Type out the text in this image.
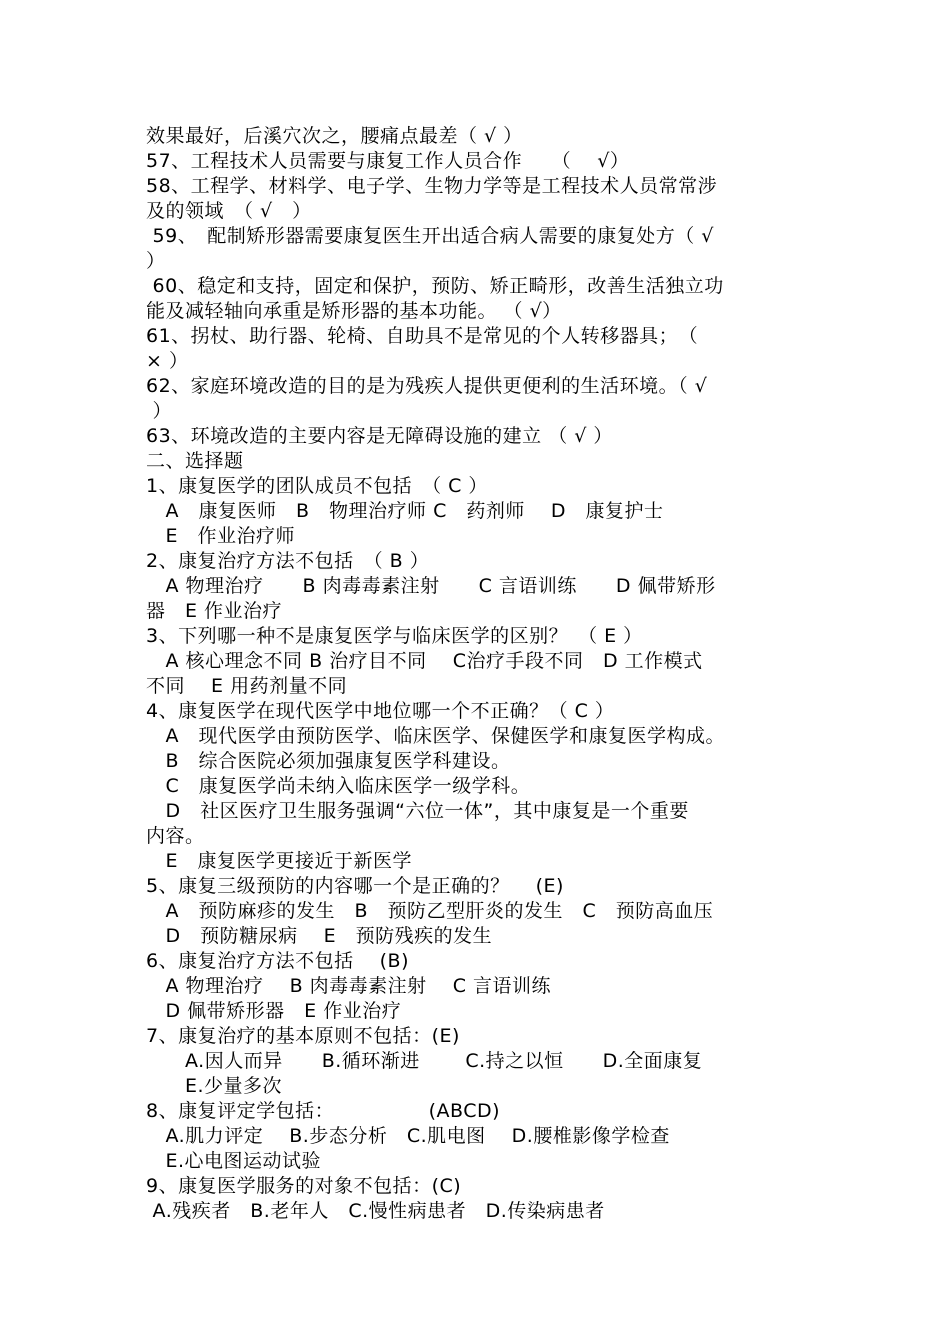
效果最好，后溪穴次之，腰痛点最差（ √ ）
57、工程技术人员需要与康复工作人员合作　　（　 √）
58、工程学、材料学、电子学、生物力学等是工程技术人员常常涉
及的领域　（ √　）
59、　配制矫形器需要康复医生开出适合病人需要的康复处方（ √
）
60、稳定和支持，固定和保护，预防、矫正畸形，改善生活独立功
能及减轻轴向承重是矫形器的基本功能。 （ √）
61、拐杖、助行器、轮椅、自助具不是常见的个人转移器具；　（
× ）
62、家庭环境改造的目的是为残疾人提供更便利的生活环境。（ √
）
63、环境改造的主要内容是无障碍设施的建立 （ √ ）
二、选择题
1、康复医学的团队成员不包括　（ C ）
　A　康复医师　B　物理治疗师 C　药剂师　 D　康复护士
　E　作业治疗师
2、康复治疗方法不包括　（ B ）
　A 物理治疗　　B 肉毒毒素注射　　C 言语训练　　D 佩带矫形
器　E 作业治疗
3、下列哪一种不是康复医学与临床医学的区别？　（ E ）
　A 核心理念不同 B 治疗目不同　 C治疗手段不同　D 工作模式
不同　 E 用药剂量不同
4、康复医学在现代医学中地位哪一个不正确？（ C ）
　A　现代医学由预防医学、临床医学、保健医学和康复医学构成。
　B　综合医院必须加强康复医学科建设。
　C　康复医学尚未纳入临床医学一级学科。
　D　社区医疗卫生服务强调“六位一体”，其中康复是一个重要
内容。
　E　康复医学更接近于新医学
5、康复三级预防的内容哪一个是正确的？　 (E)
　A　预防麻疹的发生　B　预防乙型肝炎的发生　C　预防高血压
　D　预防糖尿病　 E　预防残疾的发生
6、康复治疗方法不包括　 (B)
　A 物理治疗　 B 肉毒毒素注射　 C 言语训练
　D 佩带矫形器　E 作业治疗
7、康复治疗的基本原则不包括：(E)
　　A.因人而异　　B.循环渐进　　 C.持之以恒　　D.全面康复
　　E.少量多次
8、康复评定学包括：　　　　　 (ABCD)
　A.肌力评定　 B.步态分析　C.肌电图　 D.腰椎影像学检查
　E.心电图运动试验
9、康复医学服务的对象不包括：(C)
A.残疾者　B.老年人　C.慢性病患者　D.传染病患者
